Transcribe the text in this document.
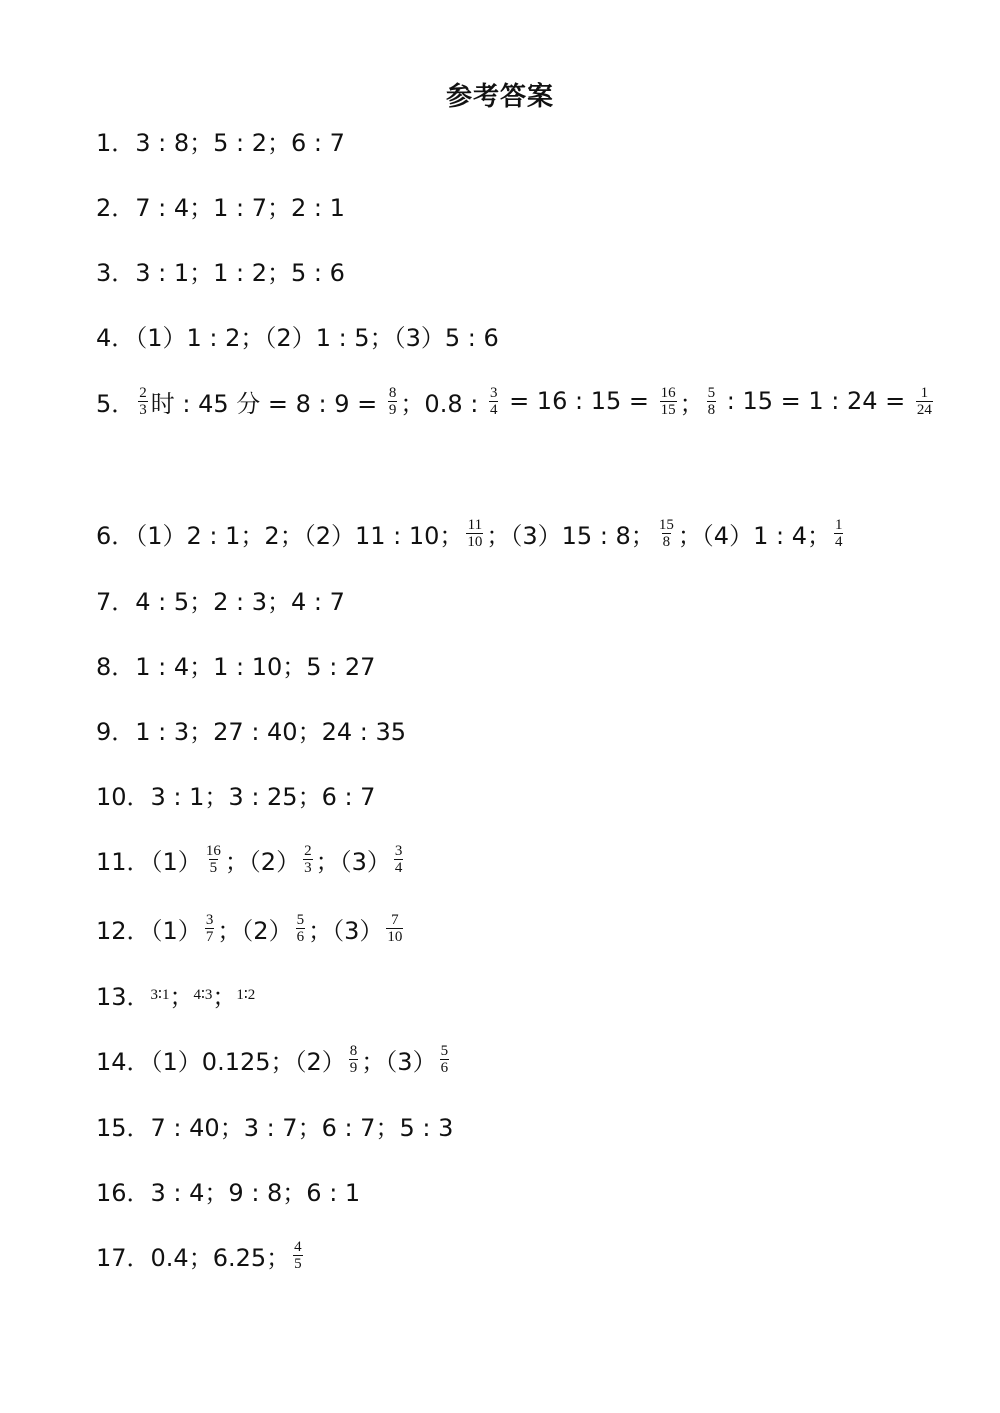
参考答案
1．3 : 8；5 : 2；6 : 7
2．7 : 4；1 : 7；2 : 1
3．3 : 1；1 : 2；5 : 6
4．（1）1 : 2；（2）1 : 5；（3）5 : 6
5． $\frac{2}{3}$ 时 : 45 分 = 8 : $9 = \frac{8}{9}$ ；0.8 : $\frac{3}{4} = 16$ : $15 = \frac{16}{15}$ ； $\frac{5}{8}$ : 15 = 1 : $24 = \frac{1}{24}$
6．（1）2 : 1；2；（2）11 : 10； $\frac{11}{10}$ ；（3）15 : 8； $\frac{15}{8}$ ；（4）1 : 4； $\frac{1}{4}$
7．4 : 5；2 : 3；4 : 7
8．1 : 4；1 : 10；5 : 27
9．1 : 3；27 : 40；24 : 35
10．3 : 1；3 : 25；6 : 7
11．$(1) \frac{16}{5}$ ；$(2) \frac{2}{3}$ ；$(3) \frac{3}{4}$
12．$(1) \frac{3}{7}$ ；$(2) \frac{5}{6}$ ；$(3) \frac{7}{10}$
13． 3∶1 ； 4∶3 ； 1∶2
14．（1）0.125；$(2) \frac{8}{9}$ ；$(3) \frac{5}{6}$
15．7 : 40；3 : 7；6 : 7；5 : 3
16．3 : 4；9 : 8；6 : 1
17．0.4；6.25； $\frac{4}{5}$
